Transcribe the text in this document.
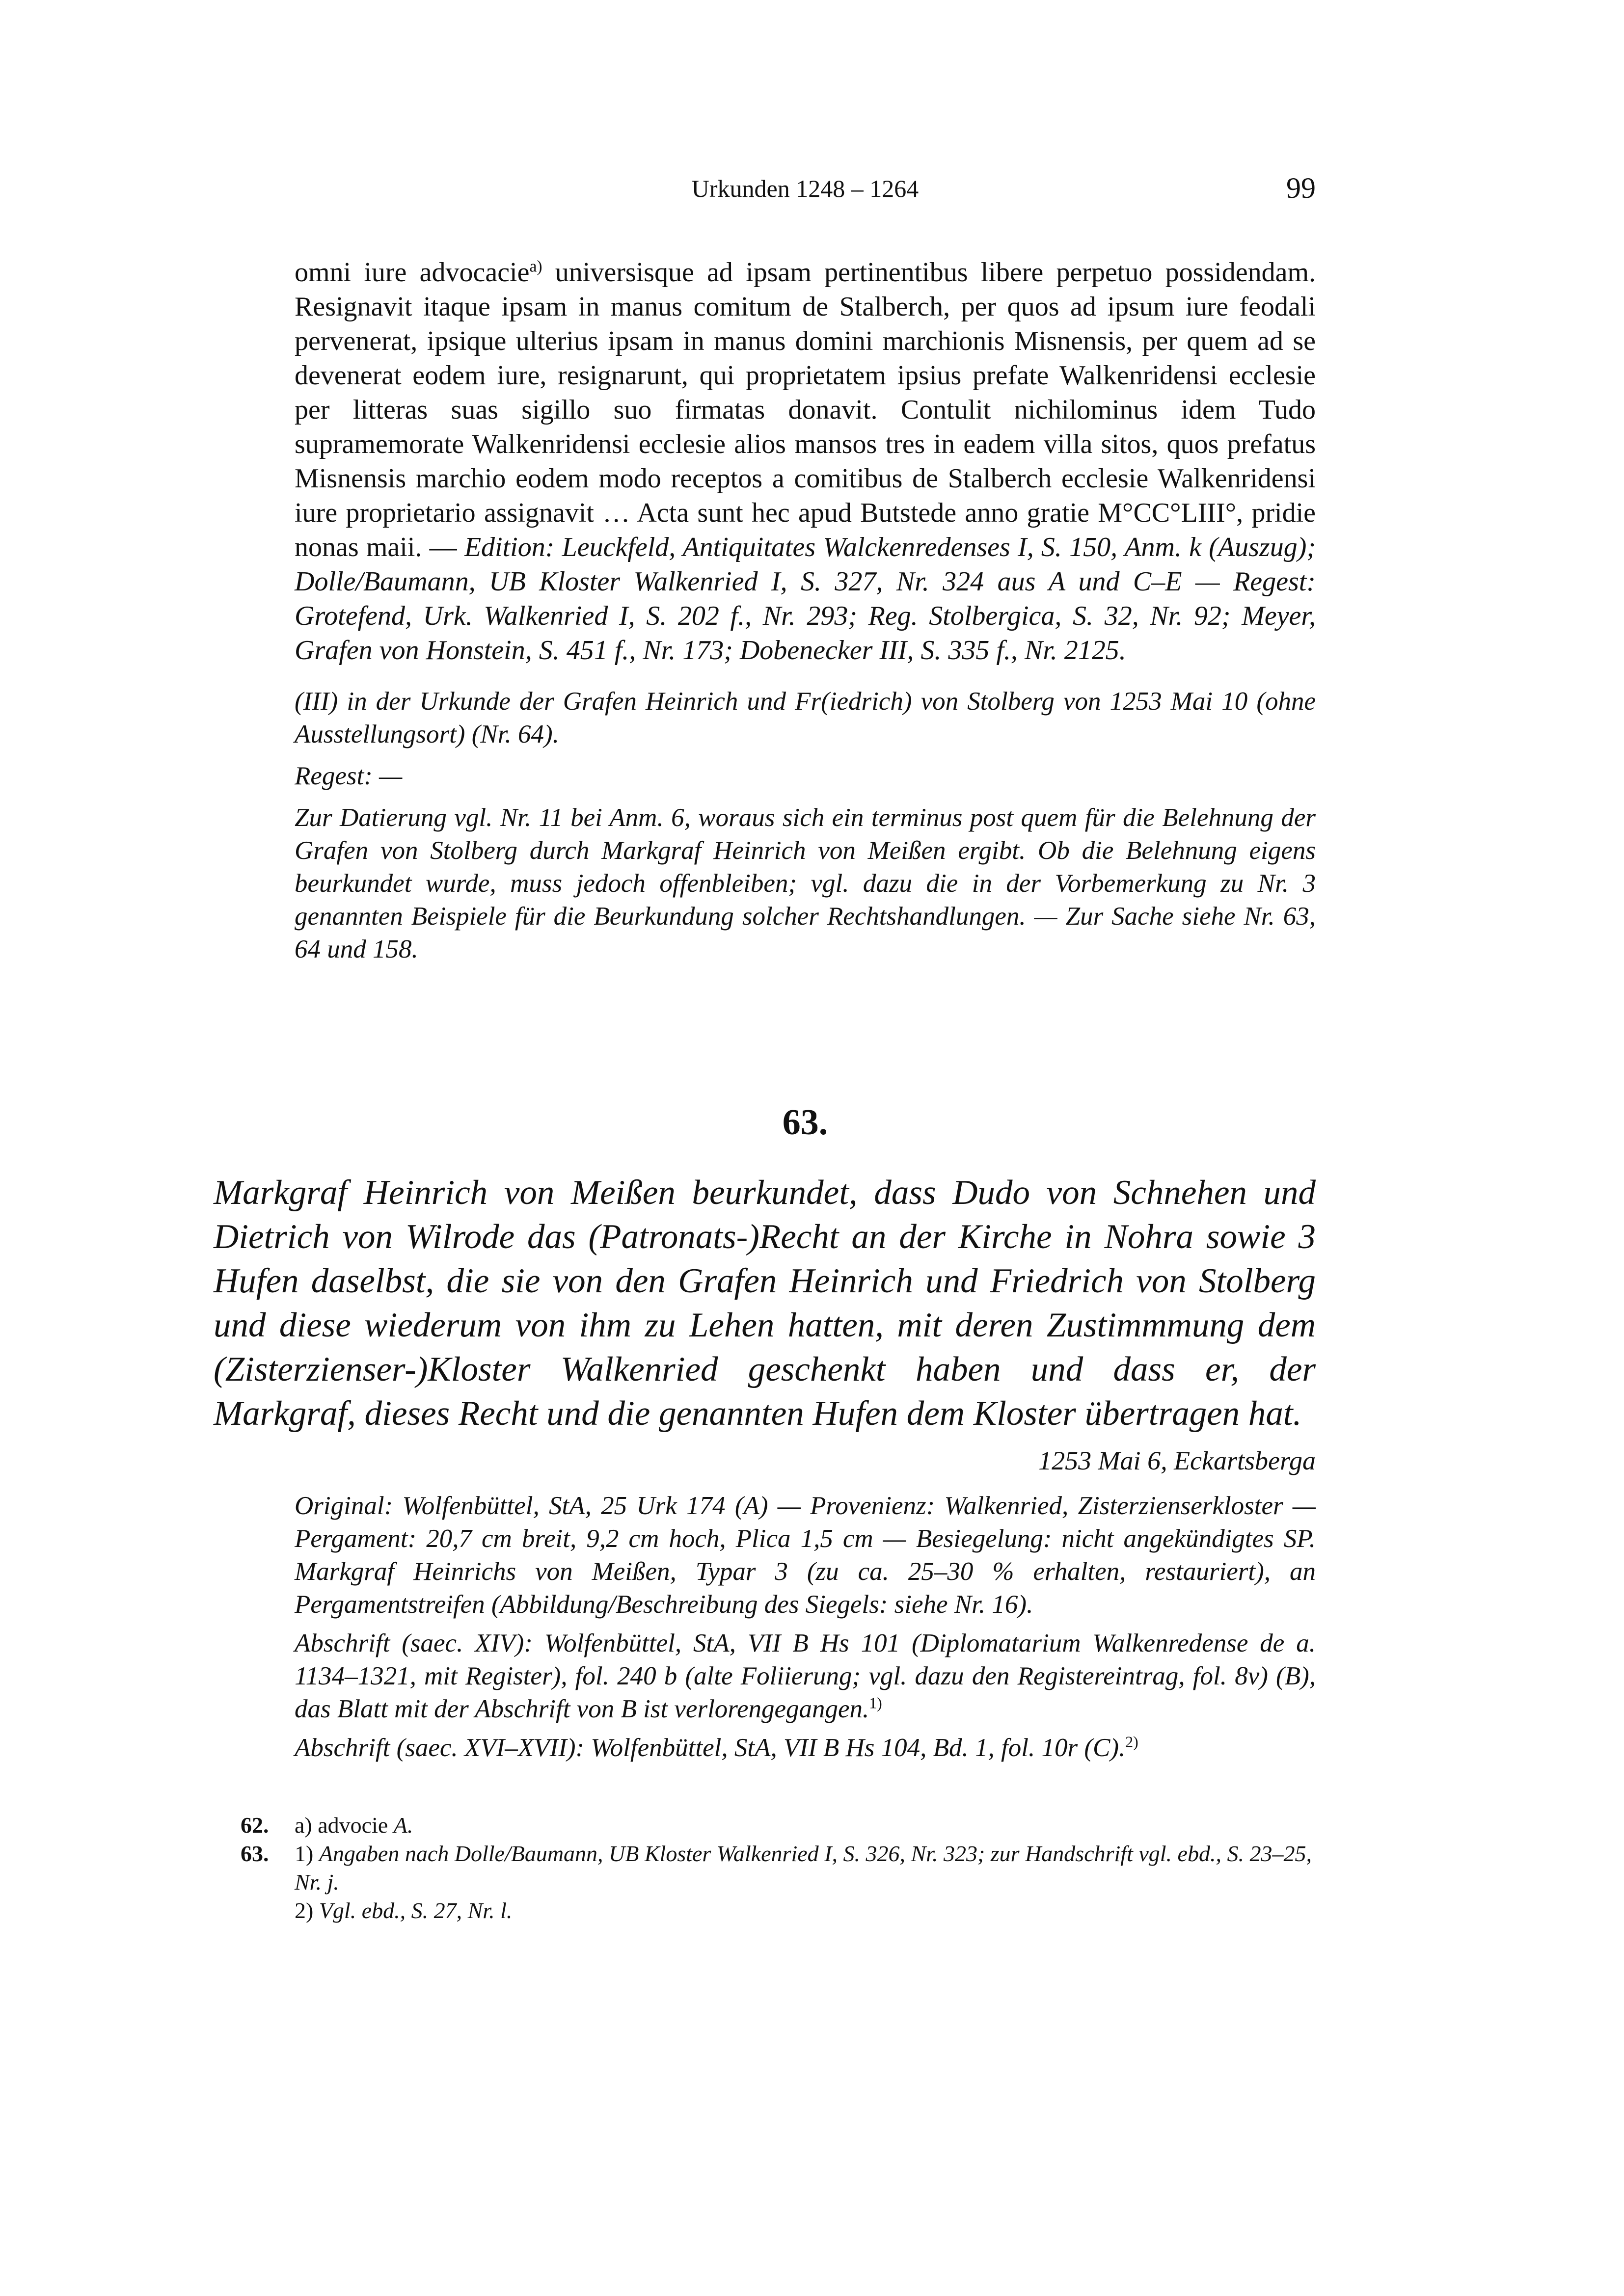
Urkunden 1248 – 1264	99

omni iure advocacie$^{a)}$ universisque ad ipsam pertinentibus libere perpetuo possidendam. Resignavit itaque ipsam in manus comitum de Stalberch, per quos ad ipsum iure feodali pervenerat, ipsique ulterius ipsam in manus domini marchionis Misnensis, per quem ad se devenerat eodem iure, resignarunt, qui proprietatem ipsius prefate Walkenridensi ecclesie per litteras suas sigillo suo firmatas donavit. Contulit nichilominus idem Tudo supramemorate Walkenridensi ecclesie alios mansos tres in eadem villa sitos, quos prefatus Misnensis marchio eodem modo receptos a comitibus de Stalberch ecclesie Walkenridensi iure proprietario assignavit … Acta sunt hec apud Butstede anno gratie M°CC°LIII°, pridie nonas maii. — Edition: Leuckfeld, Antiquitates Walckenredenses I, S. 150, Anm. k (Auszug); Dolle/Baumann, UB Kloster Walkenried I, S. 327, Nr. 324 aus A und C–E — Regest: Grotefend, Urk. Walkenried I, S. 202 f., Nr. 293; Reg. Stolbergica, S. 32, Nr. 92; Meyer, Grafen von Honstein, S. 451 f., Nr. 173; Dobenecker III, S. 335 f., Nr. 2125.

(III) in der Urkunde der Grafen Heinrich und Fr(iedrich) von Stolberg von 1253 Mai 10 (ohne Ausstellungsort) (Nr. 64).

Regest: —

Zur Datierung vgl. Nr. 11 bei Anm. 6, woraus sich ein terminus post quem für die Belehnung der Grafen von Stolberg durch Markgraf Heinrich von Meißen ergibt. Ob die Belehnung eigens beurkundet wurde, muss jedoch offenbleiben; vgl. dazu die in der Vorbemerkung zu Nr. 3 genannten Beispiele für die Beurkundung solcher Rechtshandlungen. — Zur Sache siehe Nr. 63, 64 und 158.

63.

Markgraf Heinrich von Meißen beurkundet, dass Dudo von Schnehen und Dietrich von Wilrode das (Patronats-)Recht an der Kirche in Nohra sowie 3 Hufen daselbst, die sie von den Grafen Heinrich und Friedrich von Stolberg und diese wiederum von ihm zu Lehen hatten, mit deren Zustimmmung dem (Zisterzienser-)Kloster Walkenried geschenkt haben und dass er, der Markgraf, dieses Recht und die genannten Hufen dem Kloster übertragen hat.

1253 Mai 6, Eckartsberga

Original: Wolfenbüttel, StA, 25 Urk 174 (A) — Provenienz: Walkenried, Zisterzienserkloster — Pergament: 20,7 cm breit, 9,2 cm hoch, Plica 1,5 cm — Besiegelung: nicht angekündigtes SP. Markgraf Heinrichs von Meißen, Typar 3 (zu ca. 25–30 % erhalten, restauriert), an Pergamentstreifen (Abbildung/Beschreibung des Siegels: siehe Nr. 16).

Abschrift (saec. XIV): Wolfenbüttel, StA, VII B Hs 101 (Diplomatarium Walkenredense de a. 1134–1321, mit Register), fol. 240 b (alte Foliierung; vgl. dazu den Registereintrag, fol. 8v) (B), das Blatt mit der Abschrift von B ist verlorengegangen.$^{1)}$

Abschrift (saec. XVI–XVII): Wolfenbüttel, StA, VII B Hs 104, Bd. 1, fol. 10r (C).$^{2)}$

62.	a) advocie A.
63.	1) Angaben nach Dolle/Baumann, UB Kloster Walkenried I, S. 326, Nr. 323; zur Handschrift vgl. ebd., S. 23–25, Nr. j.
2) Vgl. ebd., S. 27, Nr. l.
